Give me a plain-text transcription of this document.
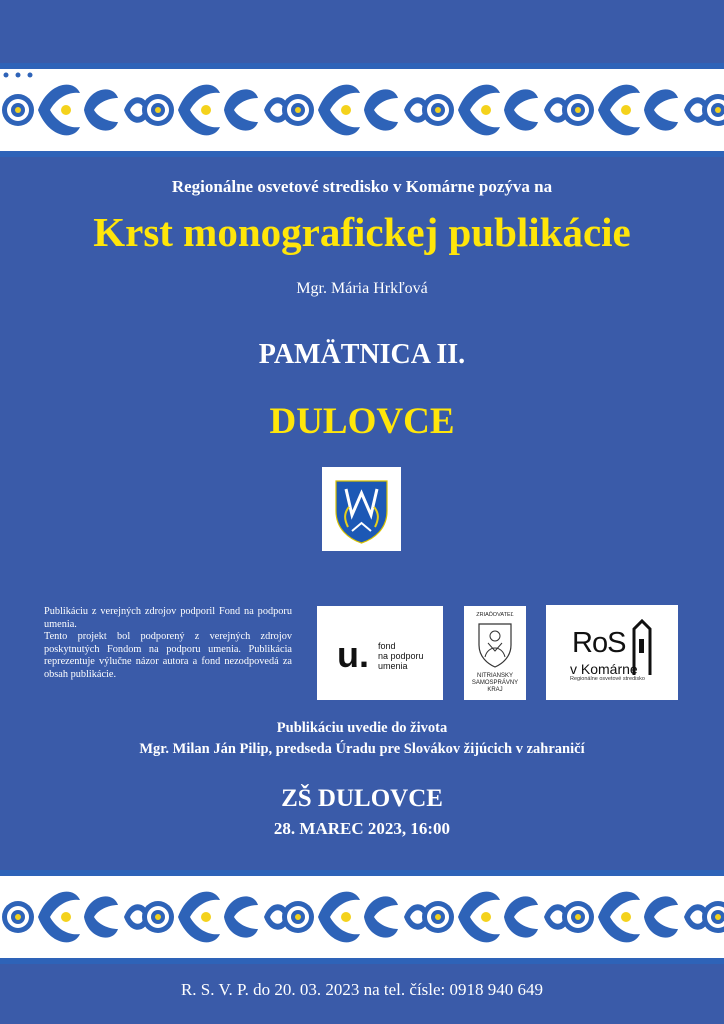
Regionálne osvetové stredisko v Komárne pozýva na
Krst monografickej publikácie
Mgr. Mária Hrkľová
PAMÄTNICA II.
DULOVCE

Publikáciu z verejných zdrojov podporil Fond na podporu umenia.

Tento projekt bol podporený z verejných zdrojov poskytnutých Fondom na podporu umenia. Publikácia reprezentuje výlučne názor autora a fond nezodpovedá za obsah publikácie.	u. fond
na podporu
umenia
ZRIAĎOVATEĽ
NITRIANSKY
SAMOSPRÁVNY
KRAJ
RoS
v Komárne
Regionálne osvetové stredisko
Publikáciu uvedie do života
Mgr. Milan Ján Pilip, predseda Úradu pre Slovákov žijúcich v zahraničí
ZŠ DULOVCE
28. MAREC 2023, 16:00
R. S. V. P. do 20. 03. 2023 na tel. čísle: 0918 940 649
